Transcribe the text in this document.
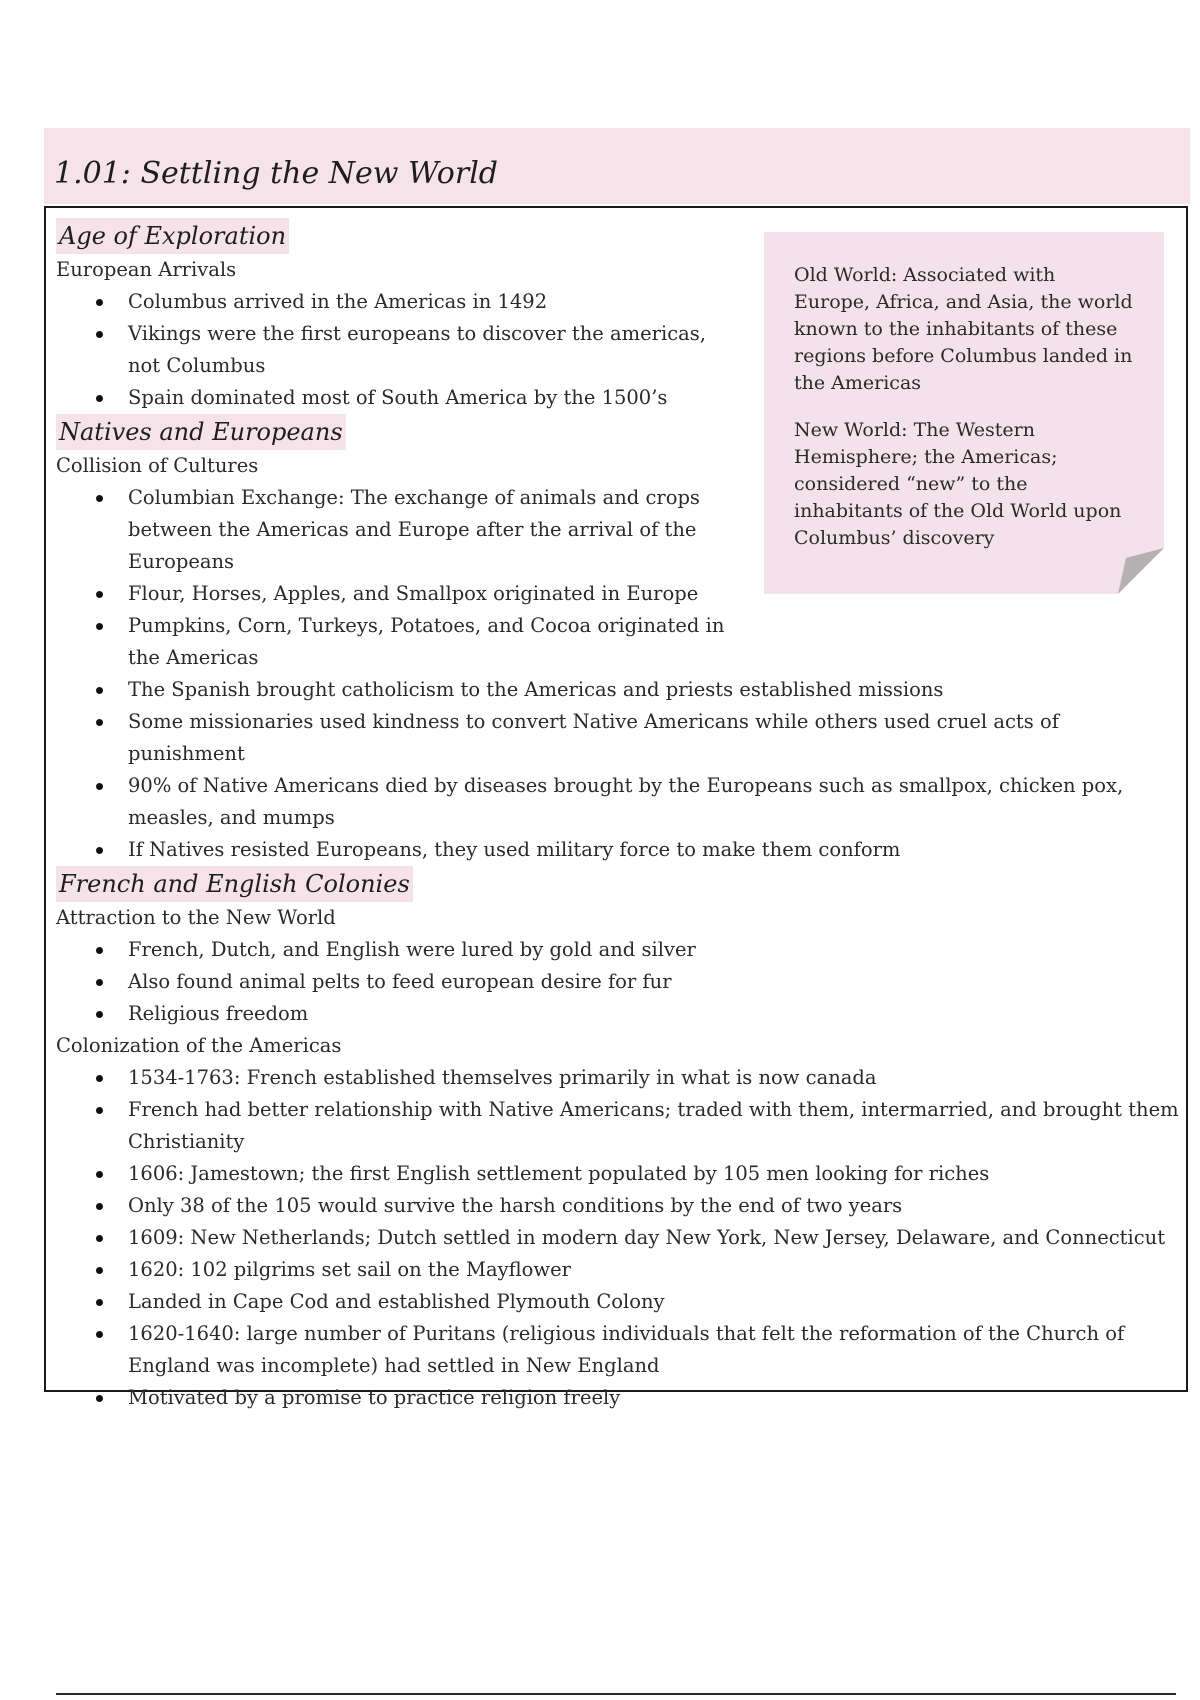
1.01: Settling the New World

Old World: Associated with Europe, Africa, and Asia, the world known to the inhabitants of these regions before Columbus landed in the Americas

New World: The Western Hemisphere; the Americas; considered “new” to the inhabitants of the Old World upon Columbus’ discovery

Age of Exploration

European Arrivals

Columbus arrived in the Americas in 1492
Vikings were the first europeans to discover the americas, not Columbus
Spain dominated most of South America by the 1500’s
Natives and Europeans

Collision of Cultures

Columbian Exchange: The exchange of animals and crops between the Americas and Europe after the arrival of the Europeans
Flour, Horses, Apples, and Smallpox originated in Europe
Pumpkins, Corn, Turkeys, Potatoes, and Cocoa originated in the Americas
The Spanish brought catholicism to the Americas and priests established missions
Some missionaries used kindness to convert Native Americans while others used cruel acts of punishment
90% of Native Americans died by diseases brought by the Europeans such as smallpox, chicken pox, measles, and mumps
If Natives resisted Europeans, they used military force to make them conform
French and English Colonies

Attraction to the New World

French, Dutch, and English were lured by gold and silver
Also found animal pelts to feed european desire for fur
Religious freedom

Colonization of the Americas

1534-1763: French established themselves primarily in what is now canada
French had better relationship with Native Americans; traded with them, intermarried, and brought them Christianity
1606: Jamestown; the first English settlement populated by 105 men looking for riches
Only 38 of the 105 would survive the harsh conditions by the end of two years
1609: New Netherlands; Dutch settled in modern day New York, New Jersey, Delaware, and Connecticut
1620: 102 pilgrims set sail on the Mayflower
Landed in Cape Cod and established Plymouth Colony
1620-1640: large number of Puritans (religious individuals that felt the reformation of the Church of England was incomplete) had settled in New England
Motivated by a promise to practice religion freely
